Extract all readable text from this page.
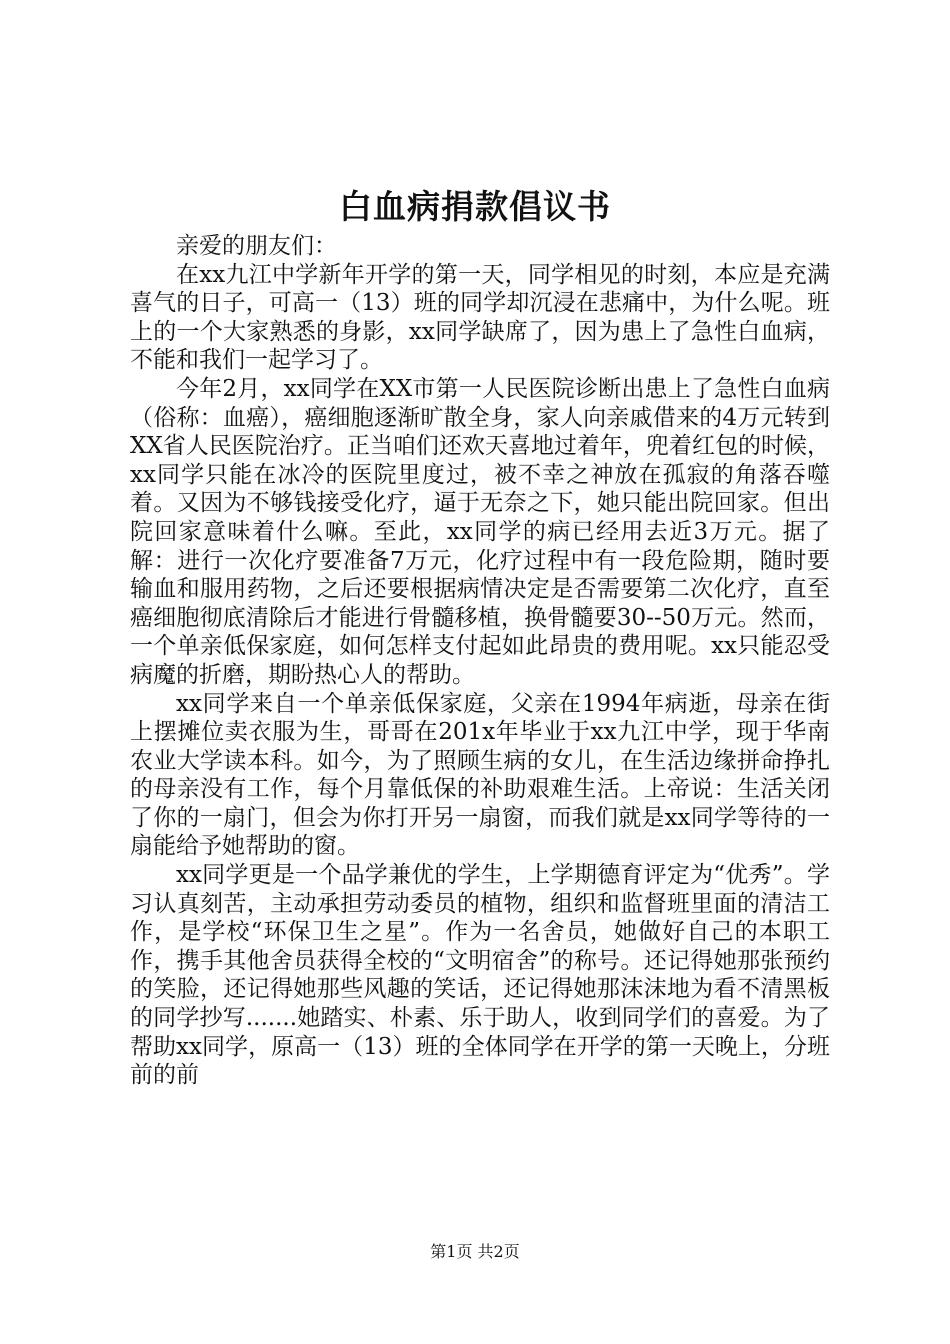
白血病捐款倡议书

亲爱的朋友们：

在xx九江中学新年开学的第一天，同学相见的时刻，本应是充满喜气的日子，可高一（13）班的同学却沉浸在悲痛中，为什么呢。班上的一个大家熟悉的身影，xx同学缺席了，因为患上了急性白血病，不能和我们一起学习了。

今年2月，xx同学在XX市第一人民医院诊断出患上了急性白血病（俗称：血癌），癌细胞逐渐旷散全身，家人向亲戚借来的4万元转到XX省人民医院治疗。正当咱们还欢天喜地过着年，兜着红包的时候，xx同学只能在冰冷的医院里度过，被不幸之神放在孤寂的角落吞噬着。又因为不够钱接受化疗，逼于无奈之下，她只能出院回家。但出院回家意味着什么嘛。至此，xx同学的病已经用去近3万元。据了解：进行一次化疗要准备7万元，化疗过程中有一段危险期，随时要输血和服用药物，之后还要根据病情决定是否需要第二次化疗，直至癌细胞彻底清除后才能进行骨髓移植，换骨髓要30--50万元。然而，一个单亲低保家庭，如何怎样支付起如此昂贵的费用呢。xx只能忍受病魔的折磨，期盼热心人的帮助。

xx同学来自一个单亲低保家庭，父亲在1994年病逝，母亲在街上摆摊位卖衣服为生，哥哥在201x年毕业于xx九江中学，现于华南农业大学读本科。如今，为了照顾生病的女儿，在生活边缘拼命挣扎的母亲没有工作，每个月靠低保的补助艰难生活。上帝说：生活关闭了你的一扇门，但会为你打开另一扇窗，而我们就是xx同学等待的一扇能给予她帮助的窗。

xx同学更是一个品学兼优的学生，上学期德育评定为“优秀”。学习认真刻苦，主动承担劳动委员的植物，组织和监督班里面的清洁工作，是学校“环保卫生之星”。作为一名舍员，她做好自己的本职工作，携手其他舍员获得全校的“文明宿舍”的称号。还记得她那张预约的笑脸，还记得她那些风趣的笑话，还记得她那沫沫地为看不清黑板的同学抄写.......她踏实、朴素、乐于助人，收到同学们的喜爱。为了帮助xx同学，原高一（13）班的全体同学在开学的第一天晚上，分班前的前

第1页 共2页
